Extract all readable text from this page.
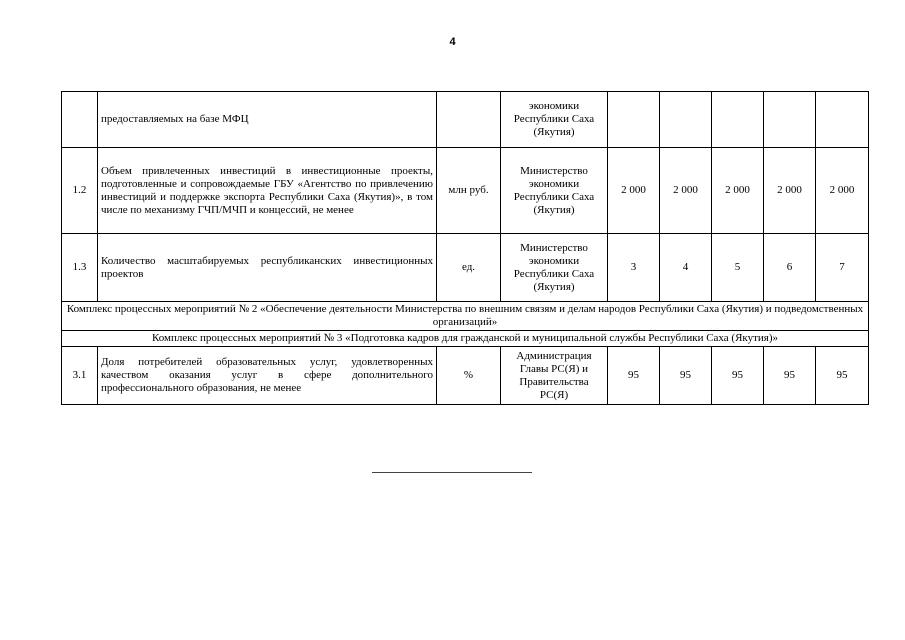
4
	предоставляемых на базе МФЦ		экономики Республики Саха (Якутия)					
1.2	Объем привлеченных инвестиций в инвестиционные проекты, подготовленные и сопровождаемые ГБУ «Агентство по привлечению инвестиций и поддержке экспорта Республики Саха (Якутия)», в том числе по механизму ГЧП/МЧП и концессий, не менее	млн руб.	Министерство экономики Республики Саха (Якутия)	2 000	2 000	2 000	2 000	2 000
1.3	Количество масштабируемых республиканских инвестиционных проектов	ед.	Министерство экономики Республики Саха (Якутия)	3	4	5	6	7
Комплекс процессных мероприятий № 2 «Обеспечение деятельности Министерства по внешним связям и делам народов Республики Саха (Якутия) и подведомственных организаций»								
Комплекс процессных мероприятий № 3 «Подготовка кадров для гражданской и муниципальной службы Республики Саха (Якутия)»								
3.1	Доля потребителей образовательных услуг, удовлетворенных качеством оказания услуг в сфере дополнительного профессионального образования, не менее	%	Администрация Главы РС(Я) и Правительства РС(Я)	95	95	95	95	95
